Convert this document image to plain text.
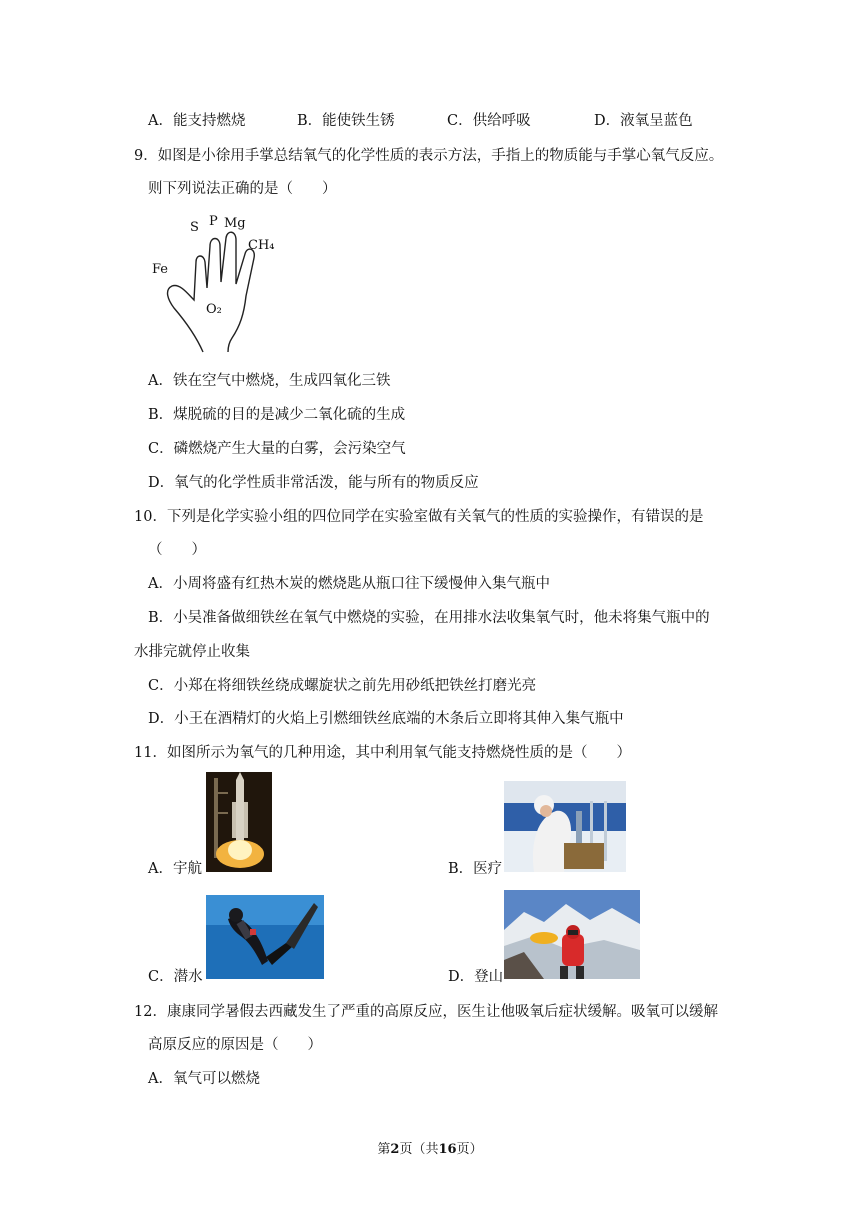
A．能支持燃烧	B．能使铁生锈	C．供给呼吸	D．液氧呈蓝色
9．如图是小徐用手掌总结氧气的化学性质的表示方法，手指上的物质能与手掌心氧气反应。
则下列说法正确的是（　　）
Fe
S P Mg
CH₄
O₂
A．铁在空气中燃烧，生成四氧化三铁
B．煤脱硫的目的是减少二氧化硫的生成
C．磷燃烧产生大量的白雾，会污染空气
D．氧气的化学性质非常活泼，能与所有的物质反应
10．下列是化学实验小组的四位同学在实验室做有关氧气的性质的实验操作，有错误的是
（　　）
A．小周将盛有红热木炭的燃烧匙从瓶口往下缓慢伸入集气瓶中
B．小吴准备做细铁丝在氧气中燃烧的实验，在用排水法收集氧气时，他未将集气瓶中的
水排完就停止收集
C．小郑在将细铁丝绕成螺旋状之前先用砂纸把铁丝打磨光亮
D．小王在酒精灯的火焰上引燃细铁丝底端的木条后立即将其伸入集气瓶中
11．如图所示为氧气的几种用途，其中利用氧气能支持燃烧性质的是（　　）
A．宇航	B．医疗
C．潜水	D．登山
12．康康同学暑假去西藏发生了严重的高原反应，医生让他吸氧后症状缓解。吸氧可以缓解
高原反应的原因是（　　）
A．氧气可以燃烧
第2页（共16页）
